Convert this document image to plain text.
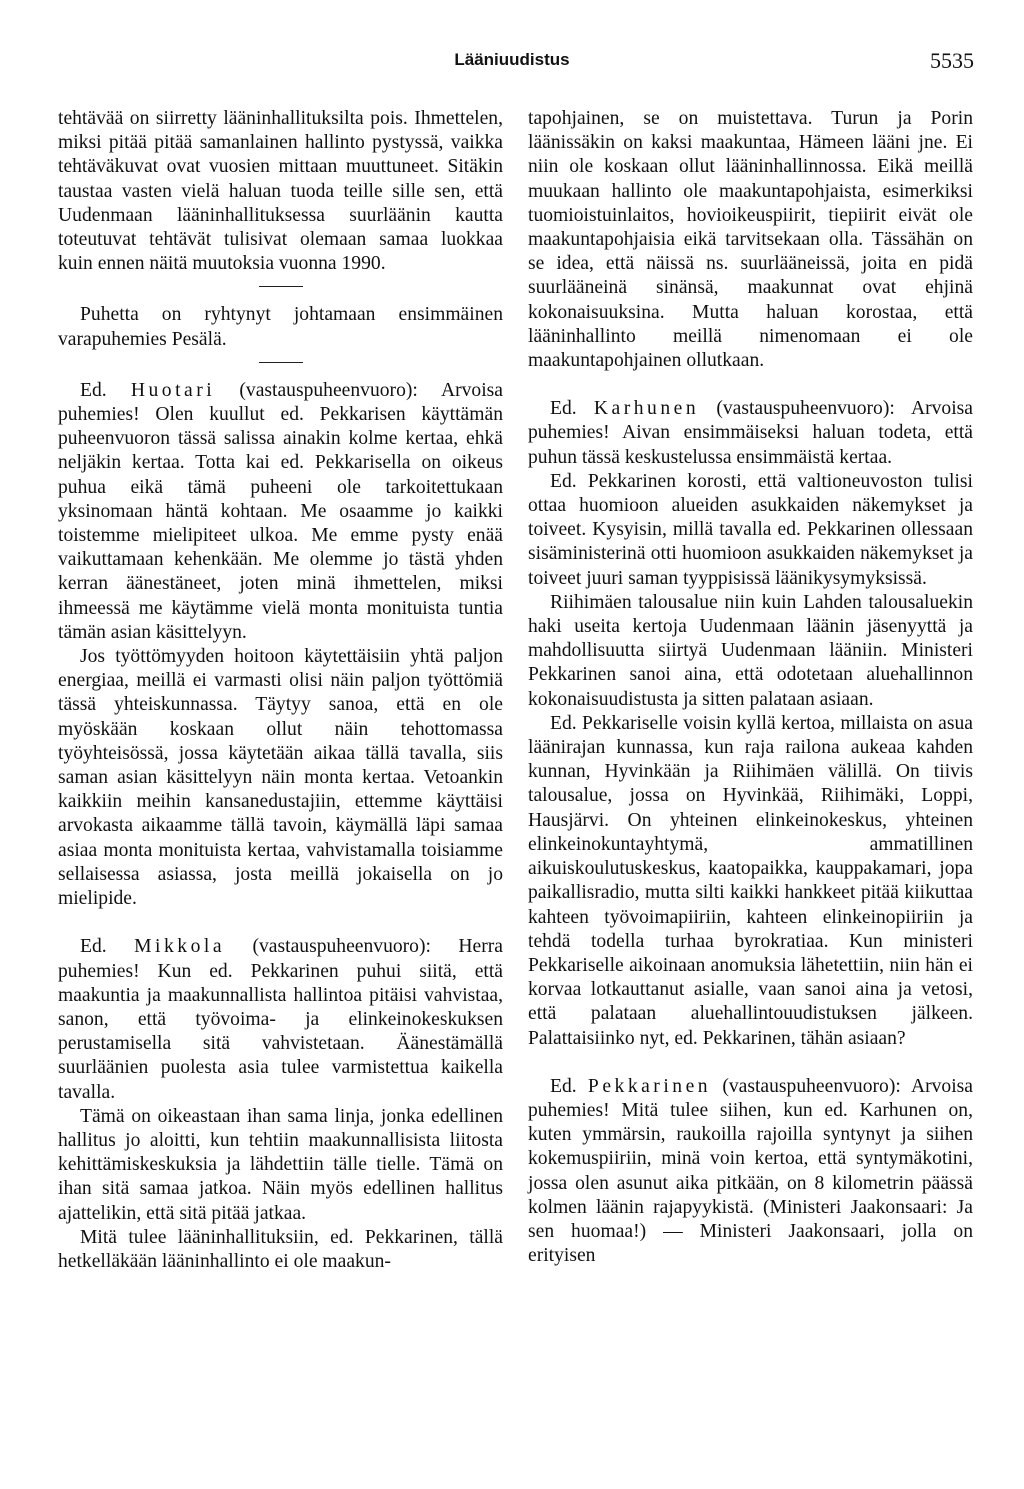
Lääniuudistus	5535

tehtävää on siirretty lääninhallituksilta pois. Ihmettelen, miksi pitää pitää samanlainen hallinto pystyssä, vaikka tehtäväkuvat ovat vuosien mittaan muuttuneet. Sitäkin taustaa vasten vielä haluan tuoda teille sille sen, että Uudenmaan lääninhallituksessa suurläänin kautta toteutuvat tehtävät tulisivat olemaan samaa luokkaa kuin ennen näitä muutoksia vuonna 1990.

Puhetta on ryhtynyt johtamaan ensimmäinen varapuhemies Pesälä.

Ed. Huotari (vastauspuheenvuoro): Arvoisa puhemies! Olen kuullut ed. Pekkarisen käyttämän puheenvuoron tässä salissa ainakin kolme kertaa, ehkä neljäkin kertaa. Totta kai ed. Pekkarisella on oikeus puhua eikä tämä puheeni ole tarkoitettukaan yksinomaan häntä kohtaan. Me osaamme jo kaikki toistemme mielipiteet ulkoa. Me emme pysty enää vaikuttamaan kehenkään. Me olemme jo tästä yhden kerran äänestäneet, joten minä ihmettelen, miksi ihmeessä me käytämme vielä monta monituista tuntia tämän asian käsittelyyn.

Jos työttömyyden hoitoon käytettäisiin yhtä paljon energiaa, meillä ei varmasti olisi näin paljon työttömiä tässä yhteiskunnassa. Täytyy sanoa, että en ole myöskään koskaan ollut näin tehottomassa työyhteisössä, jossa käytetään aikaa tällä tavalla, siis saman asian käsittelyyn näin monta kertaa. Vetoankin kaikkiin meihin kansanedustajiin, ettemme käyttäisi arvokasta aikaamme tällä tavoin, käymällä läpi samaa asiaa monta monituista kertaa, vahvistamalla toisiamme sellaisessa asiassa, josta meillä jokaisella on jo mielipide.

Ed. Mikkola (vastauspuheenvuoro): Herra puhemies! Kun ed. Pekkarinen puhui siitä, että maakuntia ja maakunnallista hallintoa pitäisi vahvistaa, sanon, että työvoima- ja elinkeinokeskuksen perustamisella sitä vahvistetaan. Äänestämällä suurläänien puolesta asia tulee varmistettua kaikella tavalla.

Tämä on oikeastaan ihan sama linja, jonka edellinen hallitus jo aloitti, kun tehtiin maakunnallisista liitosta kehittämiskeskuksia ja lähdettiin tälle tielle. Tämä on ihan sitä samaa jatkoa. Näin myös edellinen hallitus ajattelikin, että sitä pitää jatkaa.

Mitä tulee lääninhallituksiin, ed. Pekkarinen, tällä hetkelläkään lääninhallinto ei ole maakun-

tapohjainen, se on muistettava. Turun ja Porin läänissäkin on kaksi maakuntaa, Hämeen lääni jne. Ei niin ole koskaan ollut lääninhallinnossa. Eikä meillä muukaan hallinto ole maakuntapohjaista, esimerkiksi tuomioistuinlaitos, hovioikeuspiirit, tiepiirit eivät ole maakuntapohjaisia eikä tarvitsekaan olla. Tässähän on se idea, että näissä ns. suurlääneissä, joita en pidä suurlääneinä sinänsä, maakunnat ovat ehjinä kokonaisuuksina. Mutta haluan korostaa, että lääninhallinto meillä nimenomaan ei ole maakuntapohjainen ollutkaan.

Ed. Karhunen (vastauspuheenvuoro): Arvoisa puhemies! Aivan ensimmäiseksi haluan todeta, että puhun tässä keskustelussa ensimmäistä kertaa.

Ed. Pekkarinen korosti, että valtioneuvoston tulisi ottaa huomioon alueiden asukkaiden näkemykset ja toiveet. Kysyisin, millä tavalla ed. Pekkarinen ollessaan sisäministerinä otti huomioon asukkaiden näkemykset ja toiveet juuri saman tyyppisissä läänikysymyksissä.

Riihimäen talousalue niin kuin Lahden talousaluekin haki useita kertoja Uudenmaan läänin jäsenyyttä ja mahdollisuutta siirtyä Uudenmaan lääniin. Ministeri Pekkarinen sanoi aina, että odotetaan aluehallinnon kokonaisuudistusta ja sitten palataan asiaan.

Ed. Pekkariselle voisin kyllä kertoa, millaista on asua läänirajan kunnassa, kun raja railona aukeaa kahden kunnan, Hyvinkään ja Riihimäen välillä. On tiivis talousalue, jossa on Hyvinkää, Riihimäki, Loppi, Hausjärvi. On yhteinen elinkeinokeskus, yhteinen elinkeinokuntayhtymä, ammatillinen aikuiskoulutuskeskus, kaatopaikka, kauppakamari, jopa paikallisradio, mutta silti kaikki hankkeet pitää kiikuttaa kahteen työvoimapiiriin, kahteen elinkeinopiiriin ja tehdä todella turhaa byrokratiaa. Kun ministeri Pekkariselle aikoinaan anomuksia lähetettiin, niin hän ei korvaa lotkauttanut asialle, vaan sanoi aina ja vetosi, että palataan aluehallintouudistuksen jälkeen. Palattaisiinko nyt, ed. Pekkarinen, tähän asiaan?

Ed. Pekkarinen (vastauspuheenvuoro): Arvoisa puhemies! Mitä tulee siihen, kun ed. Karhunen on, kuten ymmärsin, raukoilla rajoilla syntynyt ja siihen kokemuspiiriin, minä voin kertoa, että syntymäkotini, jossa olen asunut aika pitkään, on 8 kilometrin päässä kolmen läänin rajapyykistä. (Ministeri Jaakonsaari: Ja sen huomaa!) — Ministeri Jaakonsaari, jolla on erityisen
